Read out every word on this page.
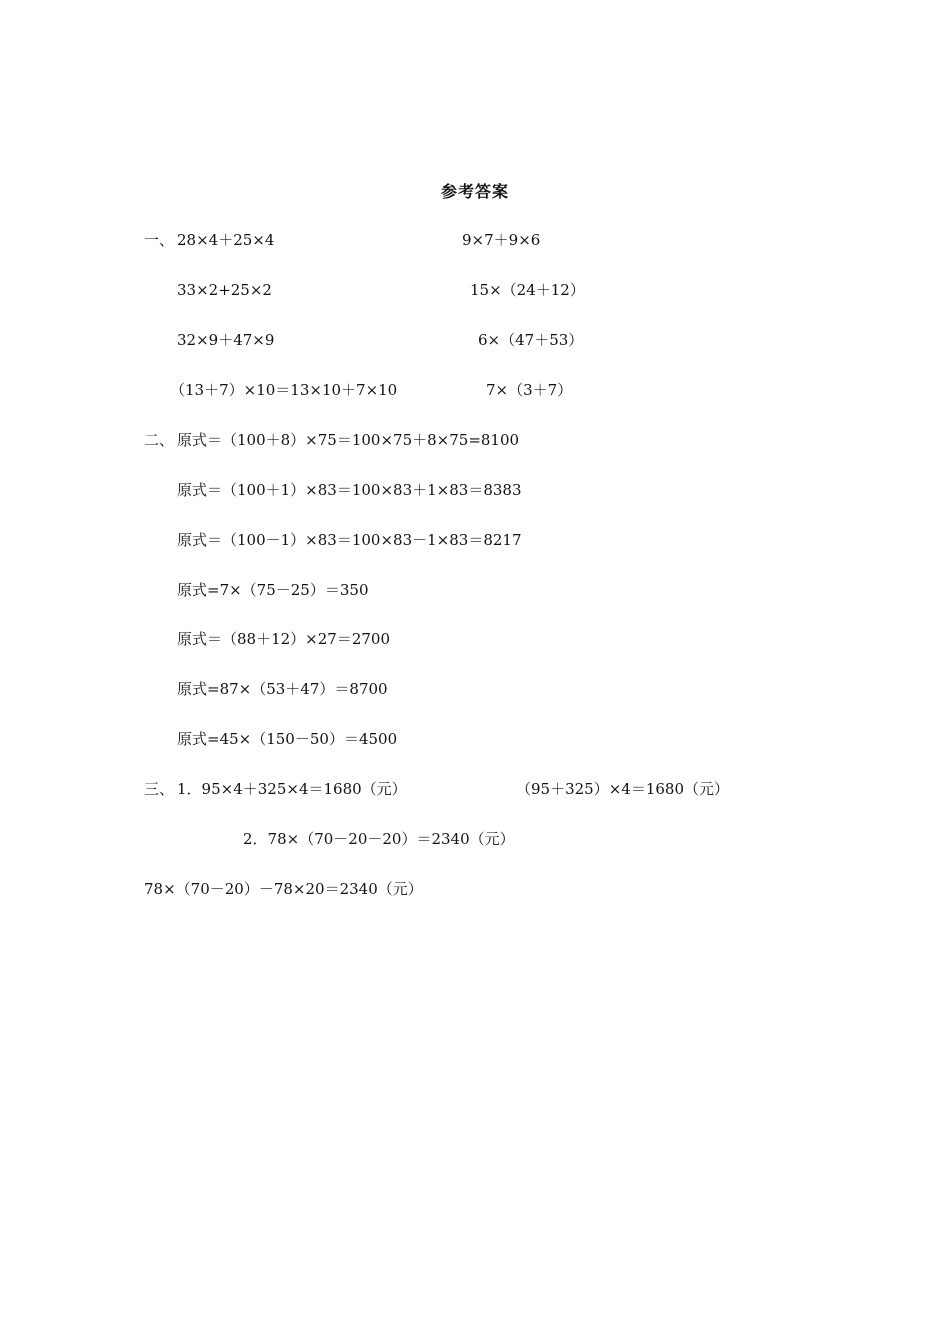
参考答案
一、 28×4＋25×4	9×7＋9×6
33×2+25×2	15×（24＋12）
32×9＋47×9	6×（47＋53）
（13＋7）×10＝13×10＋7×10	7×（3＋7）
二、 原式＝（100＋8）×75＝100×75＋8×75=8100
原式＝（100＋1）×83＝100×83＋1×83＝8383
原式＝（100－1）×83＝100×83－1×83＝8217
原式=7×（75－25）＝350
原式＝（88＋12）×27＝2700
原式=87×（53＋47）＝8700
原式=45×（150－50）＝4500
三、 1．95×4＋325×4＝1680（元）	（95＋325）×4＝1680（元）
2．78×（70－20－20）＝2340（元）
78×（70－20）－78×20＝2340（元）
